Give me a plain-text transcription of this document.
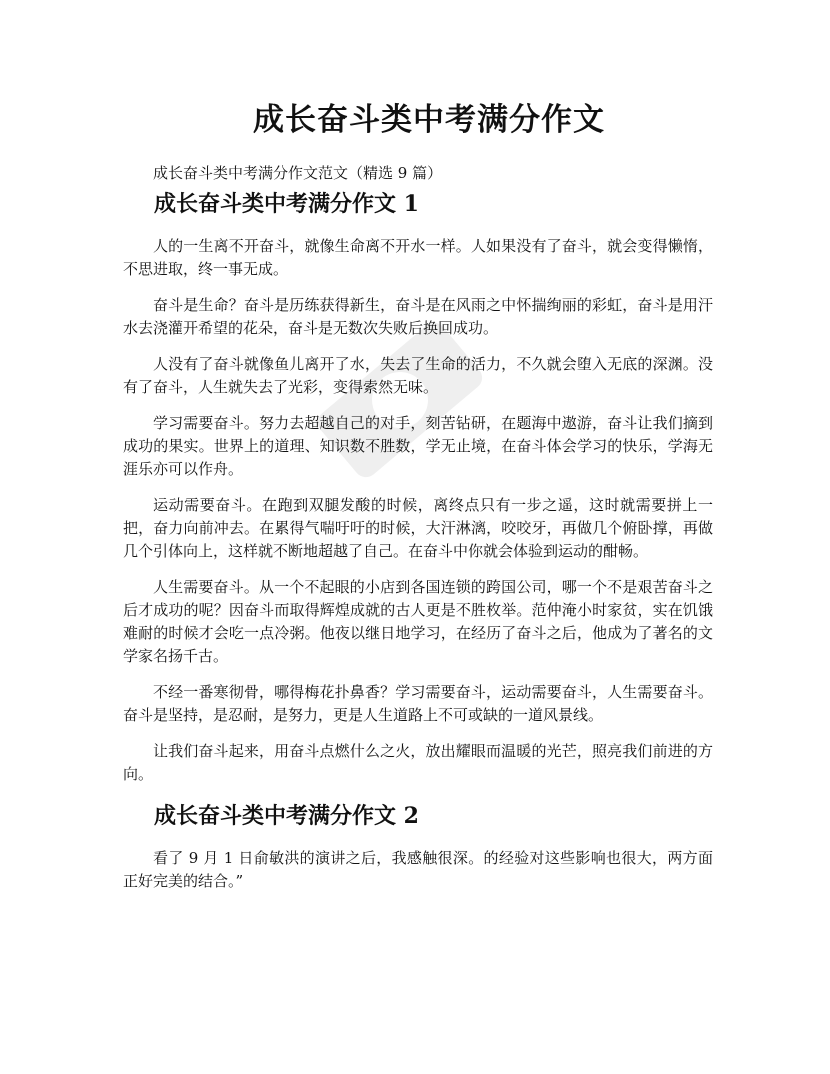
成长奋斗类中考满分作文

成长奋斗类中考满分作文范文（精选 9 篇）

成长奋斗类中考满分作文 1

人的一生离不开奋斗，就像生命离不开水一样。人如果没有了奋斗，就会变得懒惰，不思进取，终一事无成。

奋斗是生命？奋斗是历练获得新生，奋斗是在风雨之中怀揣绚丽的彩虹，奋斗是用汗水去浇灌开希望的花朵，奋斗是无数次失败后换回成功。

人没有了奋斗就像鱼儿离开了水，失去了生命的活力，不久就会堕入无底的深渊。没有了奋斗，人生就失去了光彩，变得索然无味。

学习需要奋斗。努力去超越自己的对手，刻苦钻研，在题海中遨游，奋斗让我们摘到成功的果实。世界上的道理、知识数不胜数，学无止境，在奋斗体会学习的快乐，学海无涯乐亦可以作舟。

运动需要奋斗。在跑到双腿发酸的时候，离终点只有一步之遥，这时就需要拼上一把，奋力向前冲去。在累得气喘吁吁的时候，大汗淋漓，咬咬牙，再做几个俯卧撑，再做几个引体向上，这样就不断地超越了自己。在奋斗中你就会体验到运动的酣畅。

人生需要奋斗。从一个不起眼的小店到各国连锁的跨国公司，哪一个不是艰苦奋斗之后才成功的呢？因奋斗而取得辉煌成就的古人更是不胜枚举。范仲淹小时家贫，实在饥饿难耐的时候才会吃一点冷粥。他夜以继日地学习，在经历了奋斗之后，他成为了著名的文学家名扬千古。

不经一番寒彻骨，哪得梅花扑鼻香？学习需要奋斗，运动需要奋斗，人生需要奋斗。奋斗是坚持，是忍耐，是努力，更是人生道路上不可或缺的一道风景线。

让我们奋斗起来，用奋斗点燃什么之火，放出耀眼而温暖的光芒，照亮我们前进的方向。

成长奋斗类中考满分作文 2

看了 9 月 1 日俞敏洪的演讲之后，我感触很深。的经验对这些影响也很大，两方面正好完美的结合。”
